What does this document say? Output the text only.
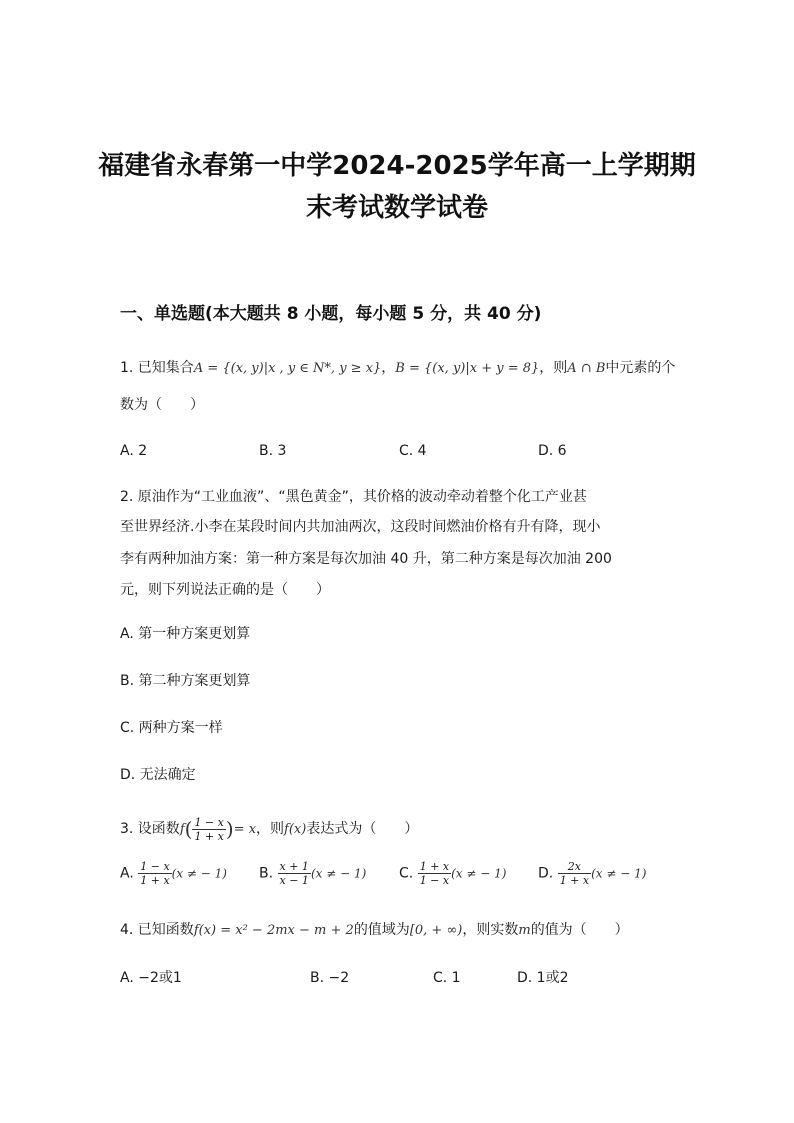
福建省永春第一中学2024-2025学年高一上学期期
末考试数学试卷
一、单选题(本大题共 8 小题，每小题 5 分，共 40 分)
1. 已知集合A = {(x, y)|x , y ∈ N*, y ≥ x}，B = {(x, y)|x + y = 8}，则A ∩ B中元素的个
数为（　　）
A. 2	B. 3	C. 4	D. 6
2. 原油作为“工业血液”、“黑色黄金”，其价格的波动牵动着整个化工产业甚
至世界经济.小李在某段时间内共加油两次，这段时间燃油价格有升有降，现小
李有两种加油方案：第一种方案是每次加油 40 升，第二种方案是每次加油 200
元，则下列说法正确的是（　　）
A. 第一种方案更划算
B. 第二种方案更划算
C. 两种方案一样
D. 无法确定
3. 设函数$f( \frac{1 - x}{1 + x}$ )= x，则f(x)表达式为（　　）
A. $\frac{1 - x}{1 + x} (x$ ≠ − 1) B. $\frac{x + 1}{x - 1} (x$ ≠ − 1) C. $\frac{1 + x}{1 - x} (x$ ≠ − 1) D. $\frac{2x}{1 + x} (x$ ≠ − 1)
4. 已知函数f(x) = x² − 2mx − m + 2的值域为[0, + ∞)，则实数m的值为（　　）
A. −2或1	B. −2	C. 1	D. 1或2
